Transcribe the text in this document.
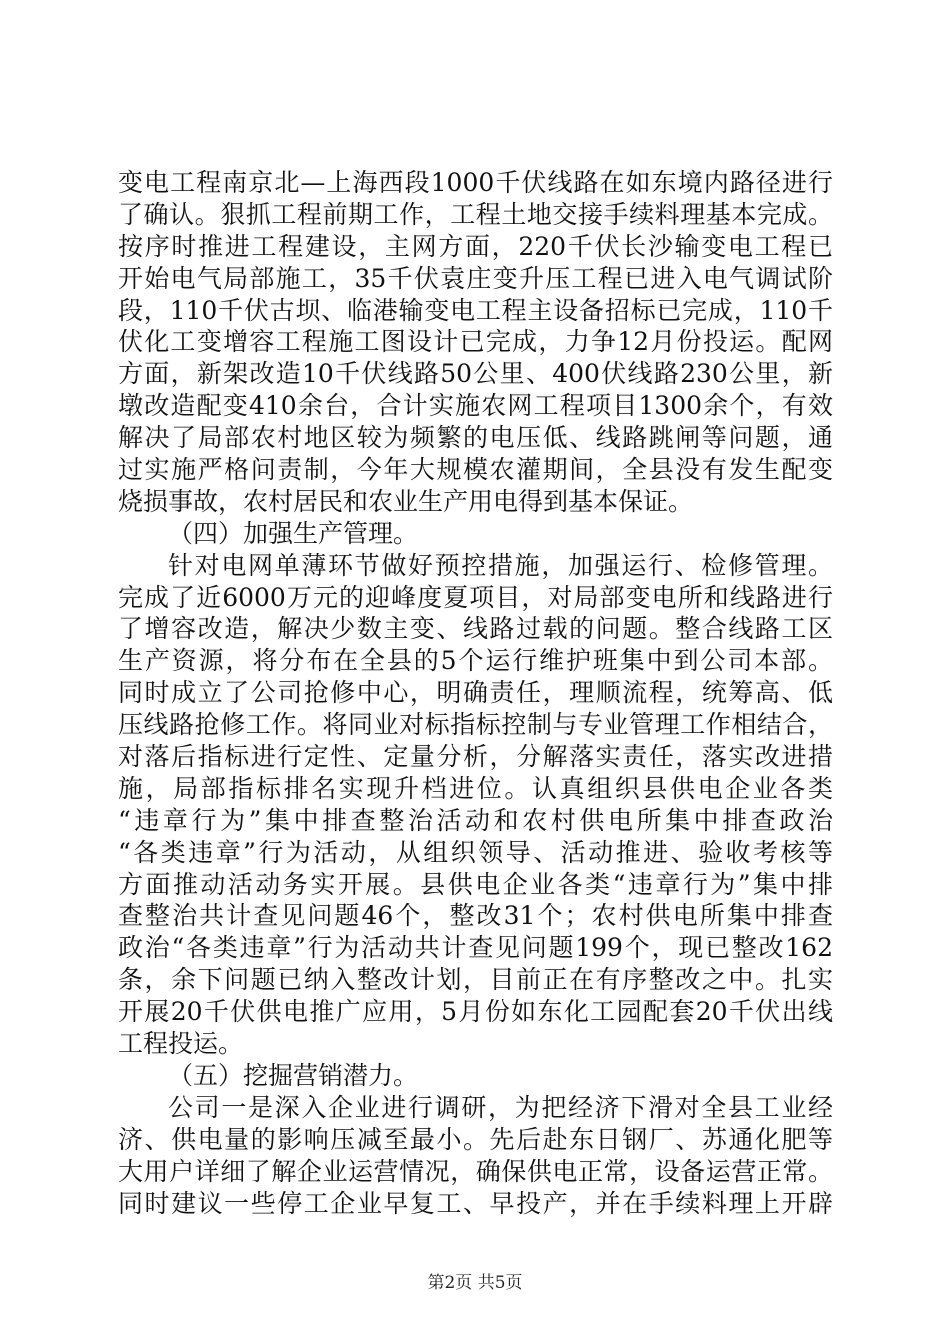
变电工程南京北—上海西段1000千伏线路在如东境内路径进行
了确认。狠抓工程前期工作，工程土地交接手续料理基本完成。
按序时推进工程建设，主网方面，220千伏长沙输变电工程已
开始电气局部施工，35千伏袁庄变升压工程已进入电气调试阶
段，110千伏古坝、临港输变电工程主设备招标已完成，110千
伏化工变增容工程施工图设计已完成，力争12月份投运。配网
方面，新架改造10千伏线路50公里、400伏线路230公里，新
墩改造配变410余台，合计实施农网工程项目1300余个，有效
解决了局部农村地区较为频繁的电压低、线路跳闸等问题，通
过实施严格问责制，今年大规模农灌期间，全县没有发生配变
烧损事故，农村居民和农业生产用电得到基本保证。
（四）加强生产管理。
针对电网单薄环节做好预控措施，加强运行、检修管理。
完成了近6000万元的迎峰度夏项目，对局部变电所和线路进行
了增容改造，解决少数主变、线路过载的问题。整合线路工区
生产资源，将分布在全县的5个运行维护班集中到公司本部。
同时成立了公司抢修中心，明确责任，理顺流程，统筹高、低
压线路抢修工作。将同业对标指标控制与专业管理工作相结合，
对落后指标进行定性、定量分析，分解落实责任，落实改进措
施，局部指标排名实现升档进位。认真组织县供电企业各类
“违章行为”集中排查整治活动和农村供电所集中排查政治
“各类违章”行为活动，从组织领导、活动推进、验收考核等
方面推动活动务实开展。县供电企业各类“违章行为”集中排
查整治共计查见问题46个，整改31个；农村供电所集中排查
政治“各类违章”行为活动共计查见问题199个，现已整改162
条，余下问题已纳入整改计划，目前正在有序整改之中。扎实
开展20千伏供电推广应用，5月份如东化工园配套20千伏出线
工程投运。
（五）挖掘营销潜力。
公司一是深入企业进行调研，为把经济下滑对全县工业经
济、供电量的影响压减至最小。先后赴东日钢厂、苏通化肥等
大用户详细了解企业运营情况，确保供电正常，设备运营正常。
同时建议一些停工企业早复工、早投产，并在手续料理上开辟
第2页 共5页
